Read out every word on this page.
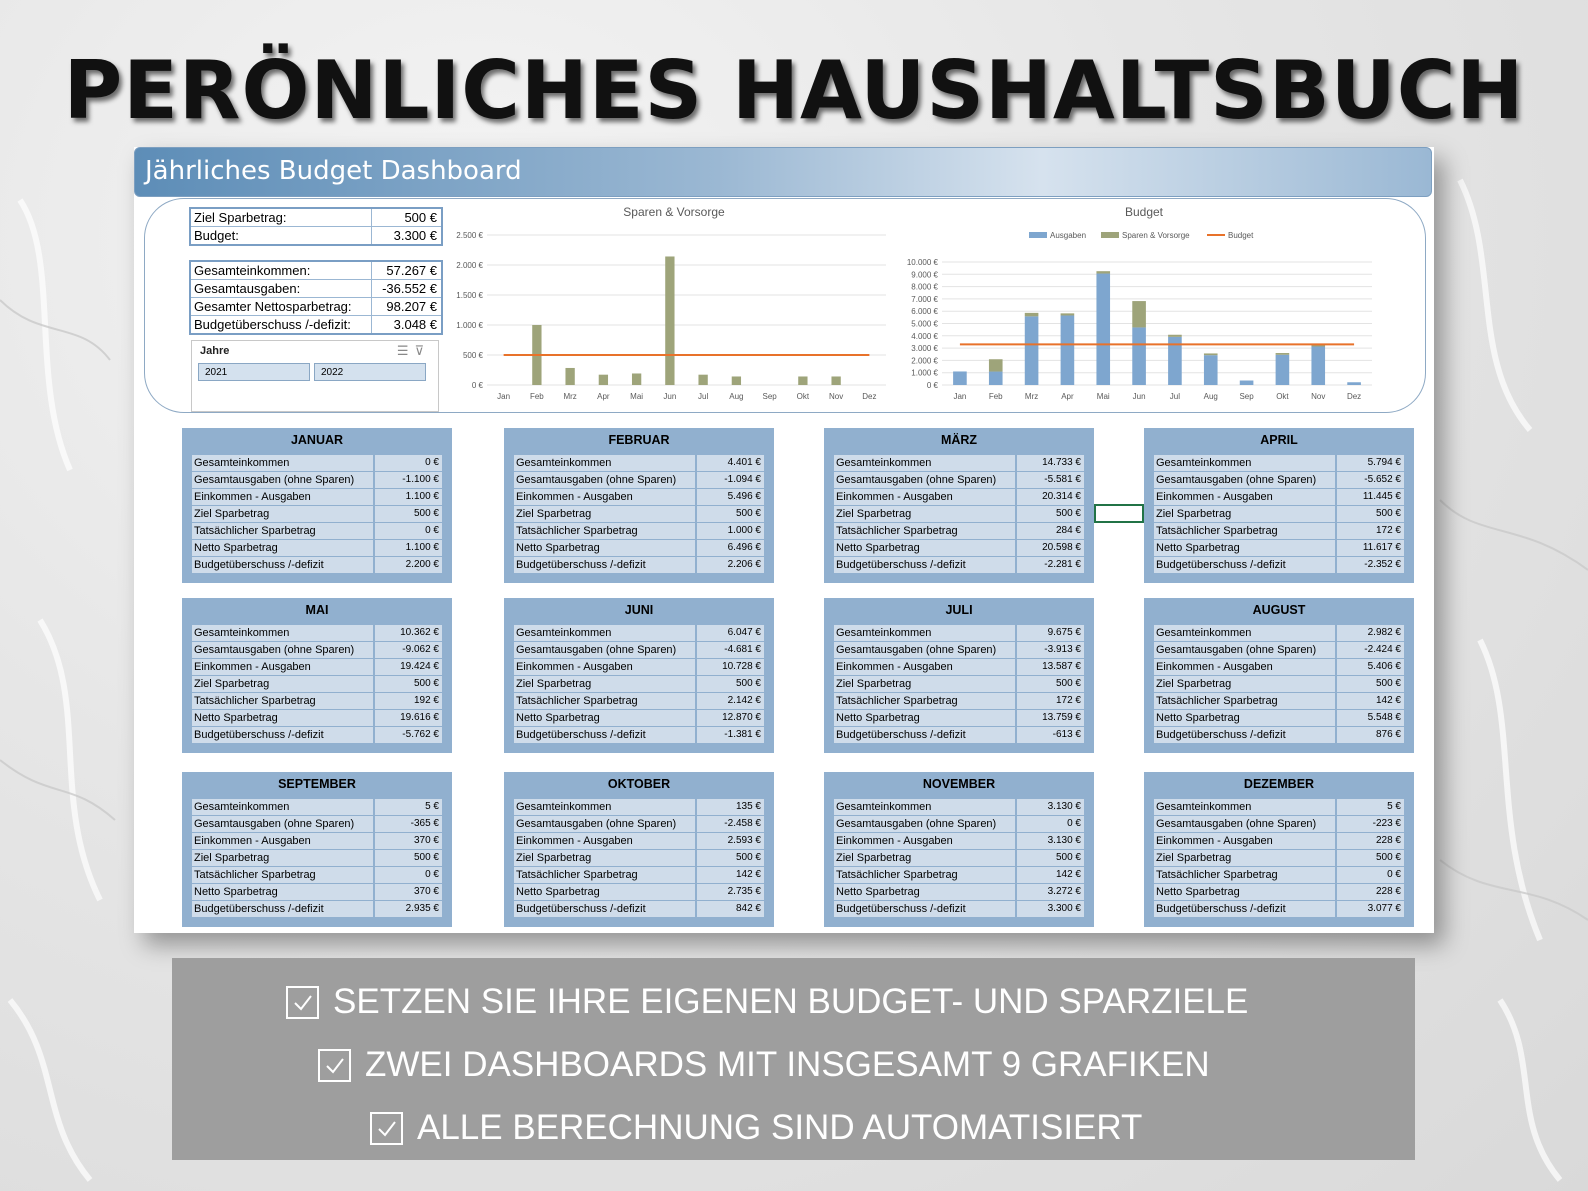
PERÖNLICHES HAUSHALTSBUCH
Jährliches Budget Dashboard
Ziel Sparbetrag:	500 €
Budget:	3.300 €
Gesamteinkommen:	57.267 €
Gesamtausgaben:	-36.552 €
Gesamter Nettosparbetrag:	98.207 €
Budgetüberschuss /-defizit:	3.048 €
Sparen & Vorsorge
0 €
500 €
1.000 €
1.500 €
2.000 €
2.500 €
Jan Feb Mrz	Apr	Mai	Jun	Jul	Aug Sep Okt Nov Dez
Budget
0 €
1.000 €
2.000 €
3.000 €
4.000 €
5.000 €
6.000 €
7.000 €
8.000 €
9.000 €
10.000 €
Jan	Feb	Mrz	Apr	Mai	Jun	Jul	Aug	Sep	Okt	Nov	Dez
Ausgaben	Sparen & Vorsorge	Budget
Jahre	☰⊽
2021	2022
JANUAR
Gesamteinkommen	0 €
Gesamtausgaben (ohne Sparen)	-1.100 €
Einkommen - Ausgaben	1.100 €
Ziel Sparbetrag	500 €
Tatsächlicher Sparbetrag	0 €
Netto Sparbetrag	1.100 €
Budgetüberschuss /-defizit	2.200 €
FEBRUAR
Gesamteinkommen	4.401 €
Gesamtausgaben (ohne Sparen)	-1.094 €
Einkommen - Ausgaben	5.496 €
Ziel Sparbetrag	500 €
Tatsächlicher Sparbetrag	1.000 €
Netto Sparbetrag	6.496 €
Budgetüberschuss /-defizit	2.206 €
MÄRZ
Gesamteinkommen	14.733 €
Gesamtausgaben (ohne Sparen)	-5.581 €
Einkommen - Ausgaben	20.314 €
Ziel Sparbetrag	500 €
Tatsächlicher Sparbetrag	284 €
Netto Sparbetrag	20.598 €
Budgetüberschuss /-defizit	-2.281 €
APRIL
Gesamteinkommen	5.794 €
Gesamtausgaben (ohne Sparen)	-5.652 €
Einkommen - Ausgaben	11.445 €
Ziel Sparbetrag	500 €
Tatsächlicher Sparbetrag	172 €
Netto Sparbetrag	11.617 €
Budgetüberschuss /-defizit	-2.352 €
MAI
Gesamteinkommen	10.362 €
Gesamtausgaben (ohne Sparen)	-9.062 €
Einkommen - Ausgaben	19.424 €
Ziel Sparbetrag	500 €
Tatsächlicher Sparbetrag	192 €
Netto Sparbetrag	19.616 €
Budgetüberschuss /-defizit	-5.762 €
JUNI
Gesamteinkommen	6.047 €
Gesamtausgaben (ohne Sparen)	-4.681 €
Einkommen - Ausgaben	10.728 €
Ziel Sparbetrag	500 €
Tatsächlicher Sparbetrag	2.142 €
Netto Sparbetrag	12.870 €
Budgetüberschuss /-defizit	-1.381 €
JULI
Gesamteinkommen	9.675 €
Gesamtausgaben (ohne Sparen)	-3.913 €
Einkommen - Ausgaben	13.587 €
Ziel Sparbetrag	500 €
Tatsächlicher Sparbetrag	172 €
Netto Sparbetrag	13.759 €
Budgetüberschuss /-defizit	-613 €
AUGUST
Gesamteinkommen	2.982 €
Gesamtausgaben (ohne Sparen)	-2.424 €
Einkommen - Ausgaben	5.406 €
Ziel Sparbetrag	500 €
Tatsächlicher Sparbetrag	142 €
Netto Sparbetrag	5.548 €
Budgetüberschuss /-defizit	876 €
SEPTEMBER
Gesamteinkommen	5 €
Gesamtausgaben (ohne Sparen)	-365 €
Einkommen - Ausgaben	370 €
Ziel Sparbetrag	500 €
Tatsächlicher Sparbetrag	0 €
Netto Sparbetrag	370 €
Budgetüberschuss /-defizit	2.935 €
OKTOBER
Gesamteinkommen	135 €
Gesamtausgaben (ohne Sparen)	-2.458 €
Einkommen - Ausgaben	2.593 €
Ziel Sparbetrag	500 €
Tatsächlicher Sparbetrag	142 €
Netto Sparbetrag	2.735 €
Budgetüberschuss /-defizit	842 €
NOVEMBER
Gesamteinkommen	3.130 €
Gesamtausgaben (ohne Sparen)	0 €
Einkommen - Ausgaben	3.130 €
Ziel Sparbetrag	500 €
Tatsächlicher Sparbetrag	142 €
Netto Sparbetrag	3.272 €
Budgetüberschuss /-defizit	3.300 €
DEZEMBER
Gesamteinkommen	5 €
Gesamtausgaben (ohne Sparen)	-223 €
Einkommen - Ausgaben	228 €
Ziel Sparbetrag	500 €
Tatsächlicher Sparbetrag	0 €
Netto Sparbetrag	228 €
Budgetüberschuss /-defizit	3.077 €
SETZEN SIE IHRE EIGENEN BUDGET- UND SPARZIELE
ZWEI DASHBOARDS MIT INSGESAMT 9 GRAFIKEN
ALLE BERECHNUNG SIND AUTOMATISIERT
